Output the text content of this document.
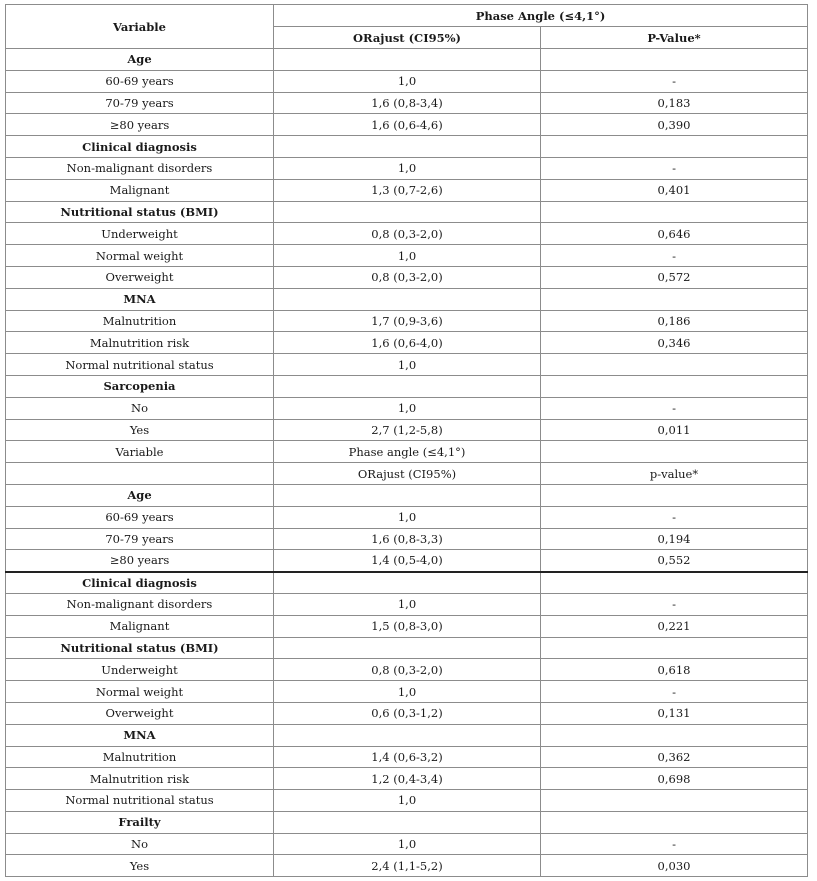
Variable	Phase Angle (≤4,1°)	
	ORajust (CI95%)	P-Value*
Age		
60-69 years	1,0	-
70-79 years	1,6 (0,8-3,4)	0,183
≥80 years	1,6 (0,6-4,6)	0,390
Clinical diagnosis		
Non-malignant disorders	1,0	-
Malignant	1,3 (0,7-2,6)	0,401
Nutritional status (BMI)		
Underweight	0,8 (0,3-2,0)	0,646
Normal weight	1,0	-
Overweight	0,8 (0,3-2,0)	0,572
MNA		
Malnutrition	1,7 (0,9-3,6)	0,186
Malnutrition risk	1,6 (0,6-4,0)	0,346
Normal nutritional status	1,0	
Sarcopenia		
No	1,0	-
Yes	2,7 (1,2-5,8)	0,011
Variable	Phase angle (≤4,1°)	
	ORajust (CI95%)	p-value*
Age		
60-69 years	1,0	-
70-79 years	1,6 (0,8-3,3)	0,194
≥80 years	1,4 (0,5-4,0)	0,552
Clinical diagnosis		
Non-malignant disorders	1,0	-
Malignant	1,5 (0,8-3,0)	0,221
Nutritional status (BMI)		
Underweight	0,8 (0,3-2,0)	0,618
Normal weight	1,0	-
Overweight	0,6 (0,3-1,2)	0,131
MNA		
Malnutrition	1,4 (0,6-3,2)	0,362
Malnutrition risk	1,2 (0,4-3,4)	0,698
Normal nutritional status	1,0	
Frailty		
No	1,0	-
Yes	2,4 (1,1-5,2)	0,030
